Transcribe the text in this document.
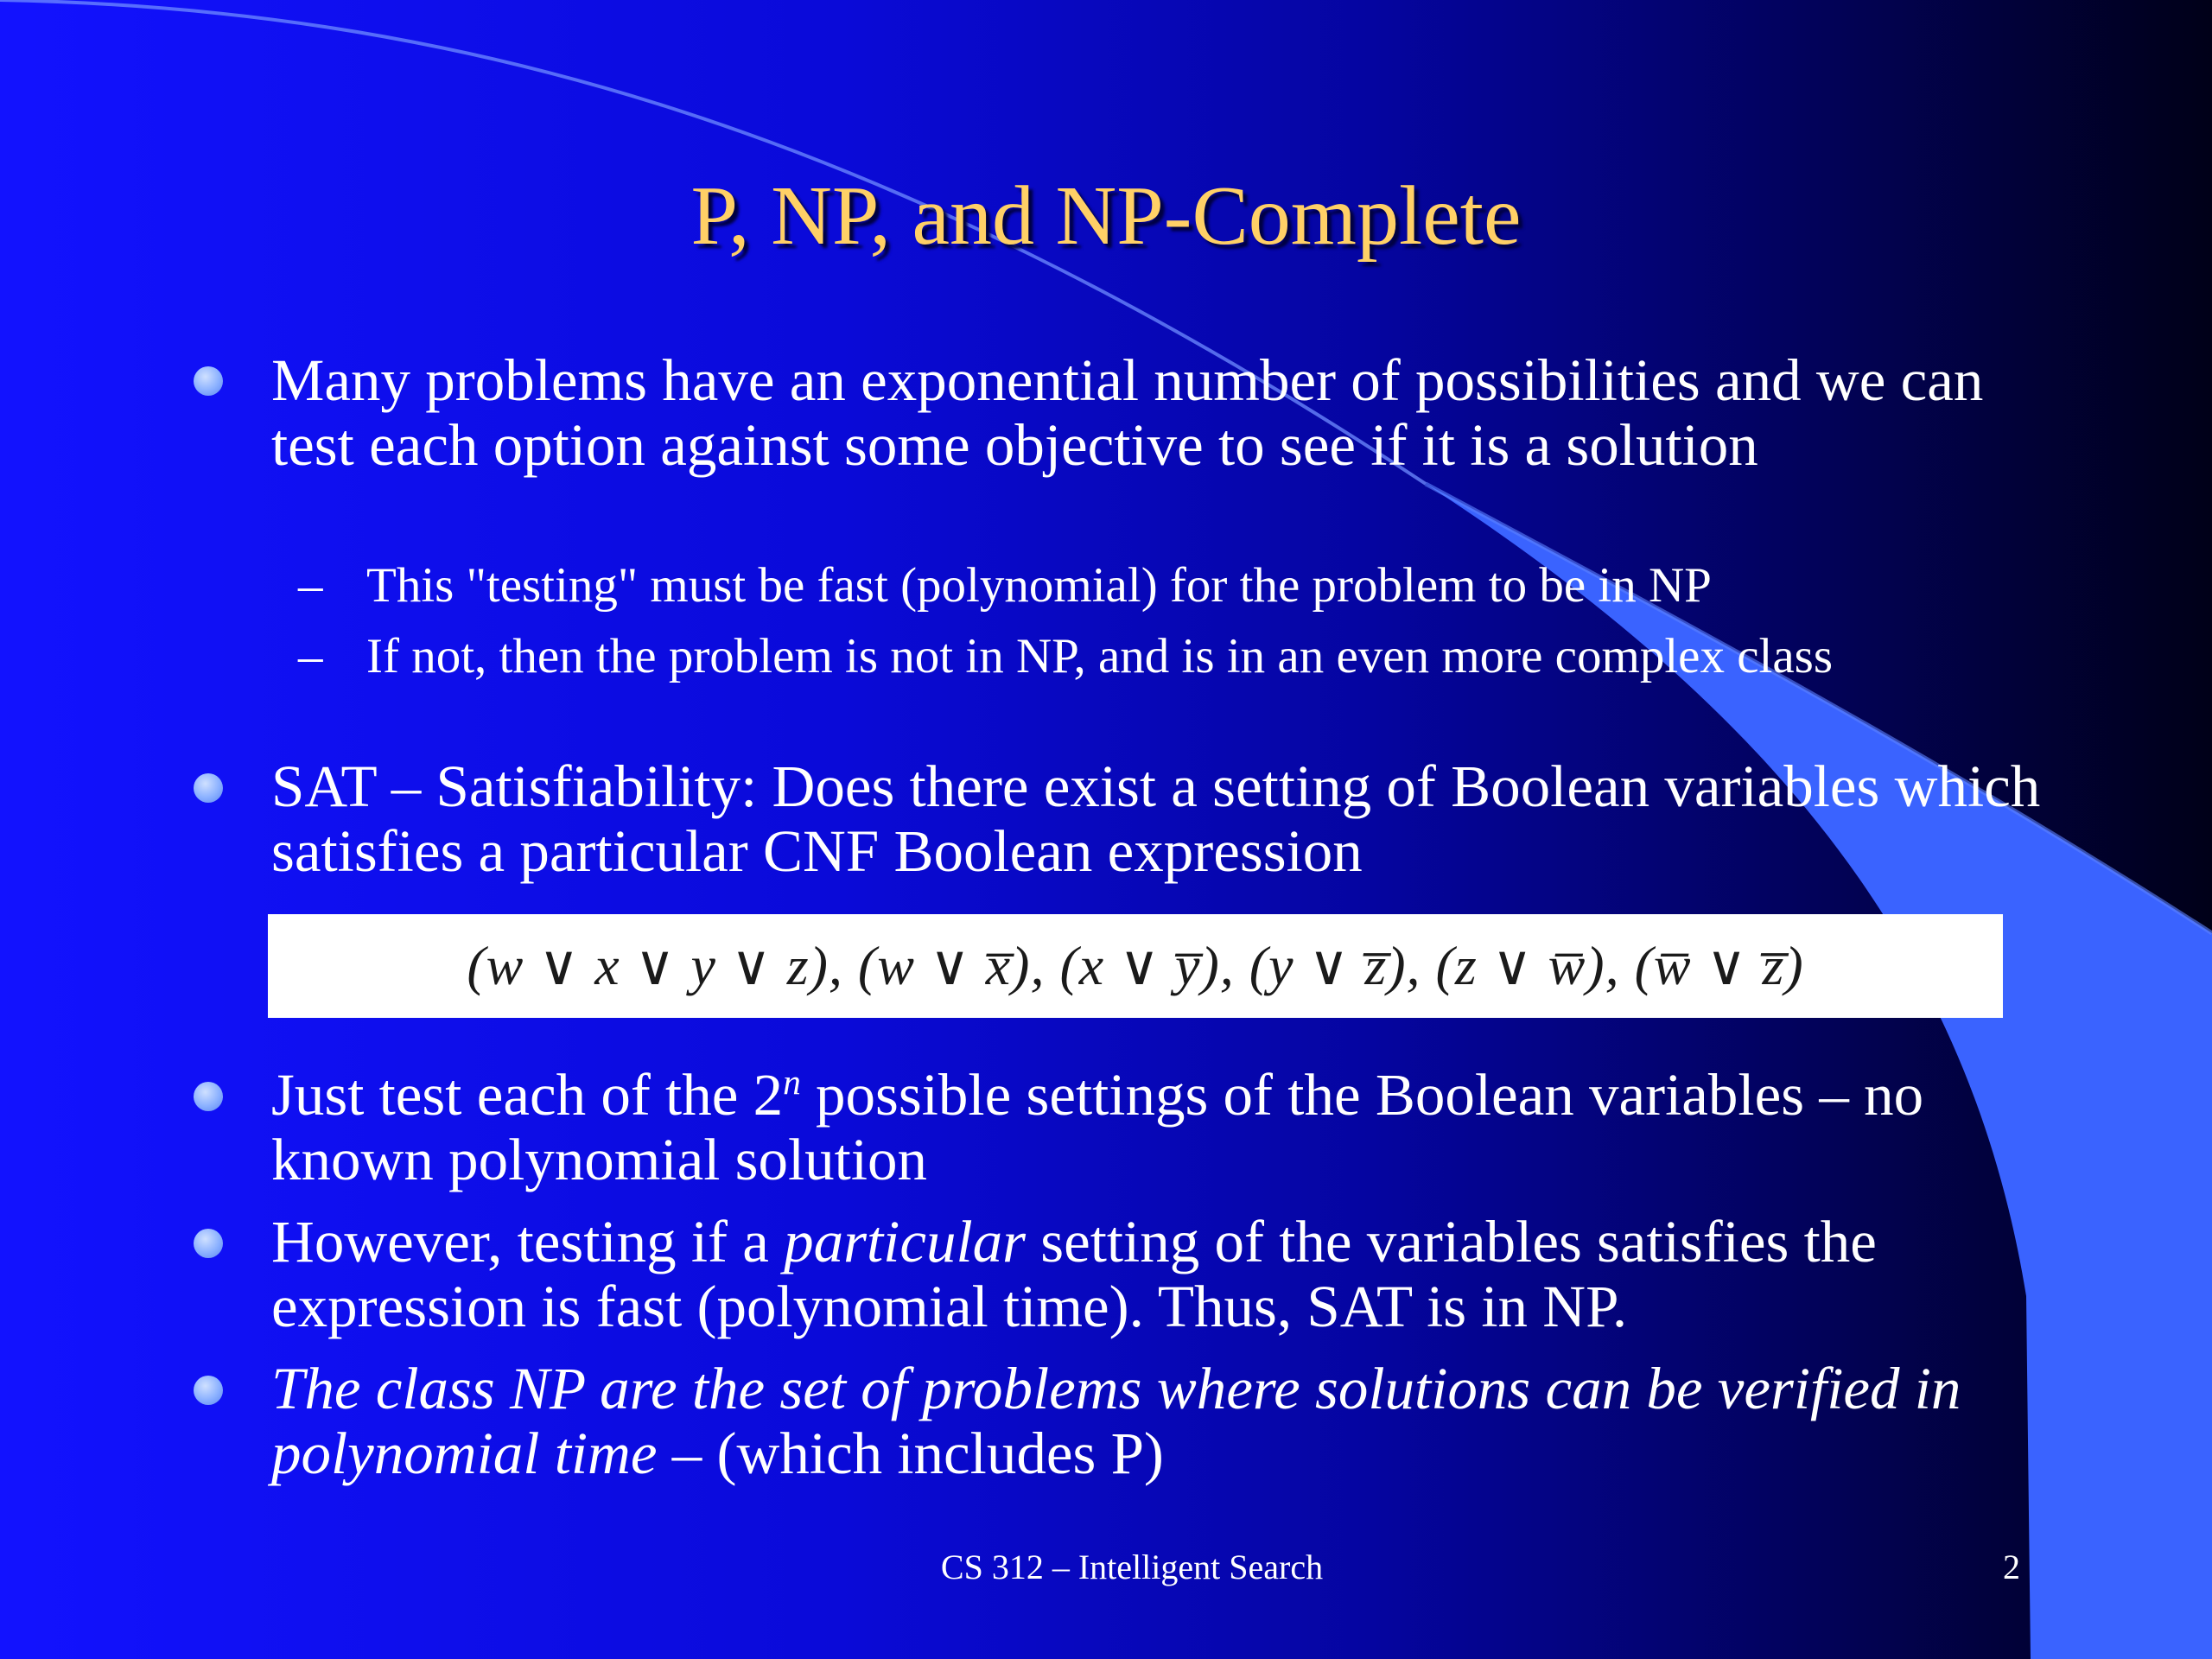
P, NP, and NP-Complete
Many problems have an exponential number of possibilities and we can test each option against some objective to see if it is a solution
– This "testing" must be fast (polynomial) for the problem to be in NP
– If not, then the problem is not in NP, and is in an even more complex class
SAT – Satisfiability: Does there exist a setting of Boolean variables which satisfies a particular CNF Boolean expression
(w ∨ x ∨ y ∨ z), (w ∨ x̅), (x ∨ y̅), (y ∨ z̅), (z ∨ w̅), (w̅ ∨ z̅)
Just test each of the 2$^n$ possible settings of the Boolean variables – no known polynomial solution
However, testing if a particular setting of the variables satisfies the expression is fast (polynomial time). Thus, SAT is in NP.
The class NP are the set of problems where solutions can be verified in polynomial time – (which includes P)
CS 312 – Intelligent Search	2
